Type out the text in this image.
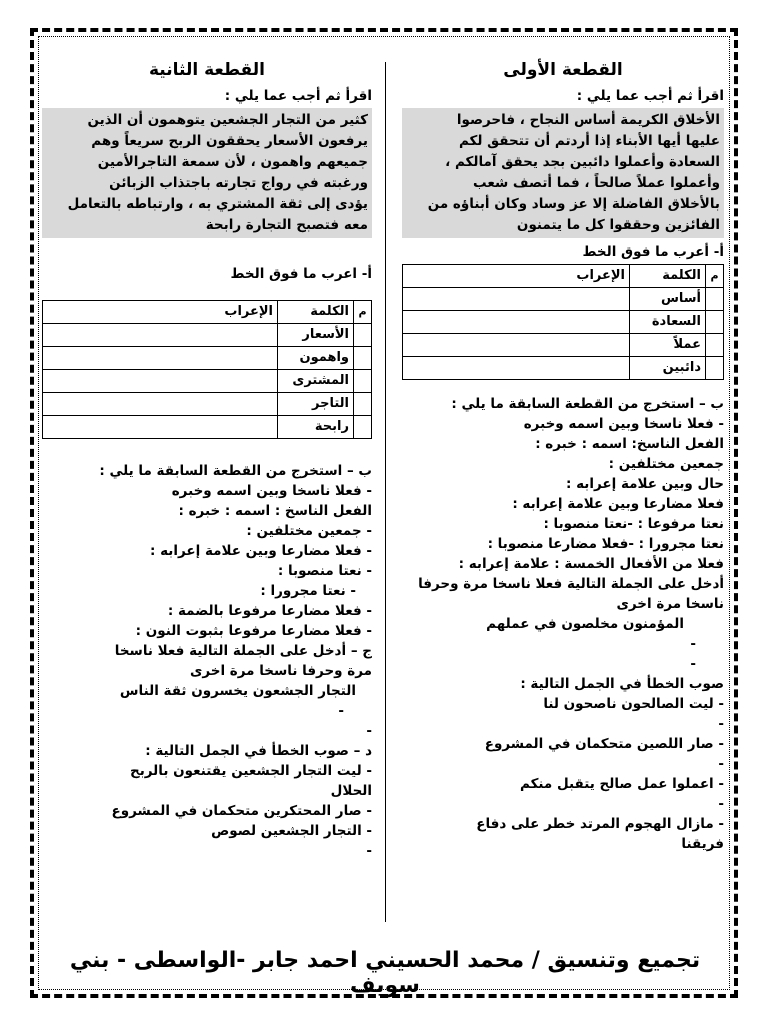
القطعة الأولى
اقرأ ثم أجب عما يلي :
الأخلاق الكريمة أساس النجاح ، فاحرصوا
عليها أيها الأبناء إذا أردتم أن تتحقق لكم
السعادة وأعملوا دائبين بجد يحقق آمالكم ،
وأعملوا عملاً صالحاً ، فما أتصف شعب
بالأخلاق الفاضلة إلا عز وساد وكان أبناؤه من
الفائزين وحققوا كل ما يتمنون
أ- أعرب ما فوق الخط
م	الكلمة	الإعراب
	أساس	
	السعادة	
	عملاً	
	دائبين	
ب – استخرج من القطعة السابقة ما يلي :
- فعلا ناسخا وبين اسمه وخبره
الفعل الناسخ: اسمه : خبره :
جمعين مختلفين :
حال وبين علامة إعرابه :
فعلا مضارعا وبين علامة إعرابه :
نعتا مرفوعا : -نعتا منصوبا :
نعتا مجرورا : -فعلا مضارعا منصوبا :
فعلا من الأفعال الخمسة : علامة إعرابه :
أدخل على الجملة التالية فعلا ناسخا مرة وحرفا
ناسخا مرة اخرى
المؤمنون مخلصون في عملهم
-
-
صوب الخطأ في الجمل التالية :
- ليت الصالحون ناصحون لنا
-
- صار اللصين متحكمان في المشروع
-
- اعملوا عمل صالح يتقبل منكم
-
- مازال الهجوم المرتد خطر على دفاع
فريقنا
القطعة الثانية
اقرأ ثم أجب عما يلي :
كثير من التجار الجشعين يتوهمون أن الذين
يرفعون الأسعار يحققون الربح سريعاً وهم
جميعهم واهمون ، لأن سمعة التاجرالأمين
ورغبته في رواج تجارته باجتذاب الزبائن
يؤدى إلى ثقة المشتري به ، وارتباطه بالتعامل
معه فتصبح التجارة رابحة
أ- اعرب ما فوق الخط
م	الكلمة	الإعراب
	الأسعار	
	واهمون	
	المشترى	
	التاجر	
	رابحة	
ب – استخرج من القطعة السابقة ما يلي :
- فعلا ناسخا وبين اسمه وخبره
الفعل الناسخ : اسمه : خبره :
- جمعين مختلفين :
- فعلا مضارعا وبين علامة إعرابه :
- نعتا منصوبا :
- نعتا مجرورا :
- فعلا مضارعا مرفوعا بالضمة :
- فعلا مضارعا مرفوعا بثبوت النون :
ج – أدخل على الجملة التالية فعلا ناسخا
مرة وحرفا ناسخا مرة اخرى
التجار الجشعون يخسرون ثقة الناس
-
-
د – صوب الخطأ في الجمل التالية :
- ليت التجار الجشعين يقتنعون بالربح
الحلال
- صار المحتكرين متحكمان في المشروع
- التجار الجشعين لصوص
-
تجميع وتنسيق / محمد الحسيني احمد جابر -الواسطى - بني سويف
